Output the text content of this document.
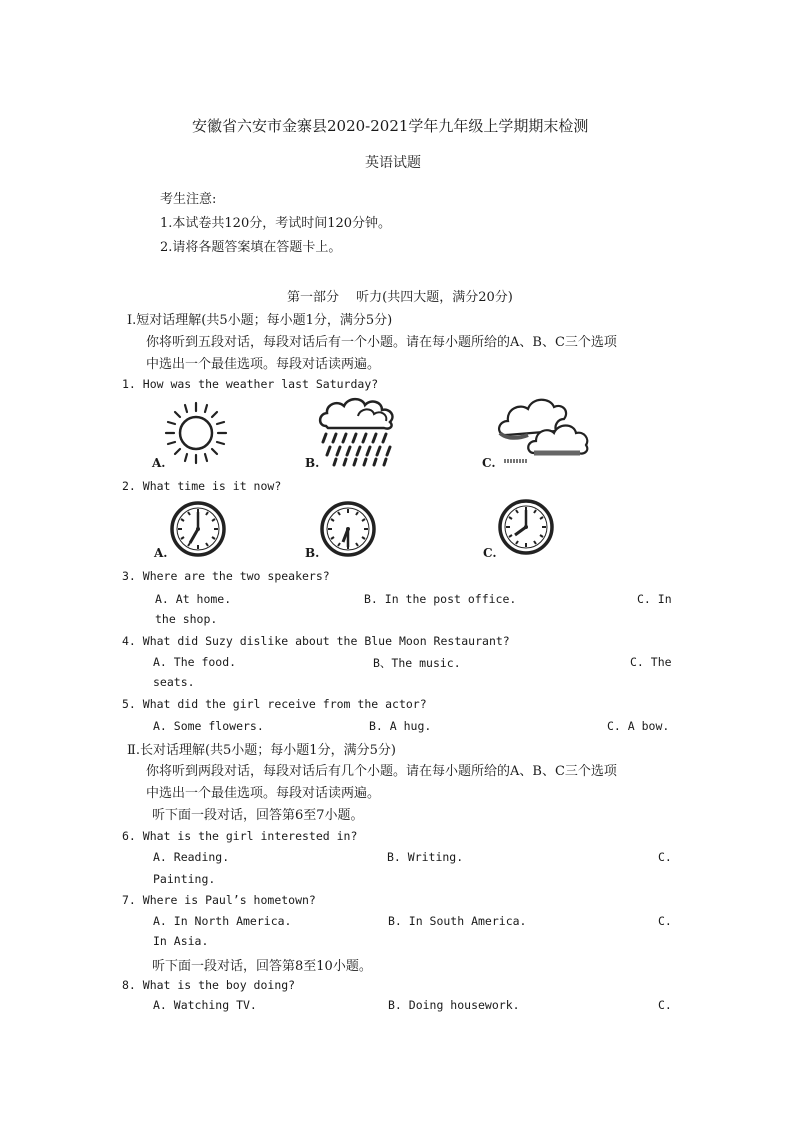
安徽省六安市金寨县2020-2021学年九年级上学期期末检测
英语试题
考生注意:
1.本试卷共120分，考试时间120分钟。
2.请将各题答案填在答题卡上。
第一部分　 听力(共四大题，满分20分)
Ⅰ.短对话理解(共5小题；每小题1分，满分5分)
你将听到五段对话，每段对话后有一个小题。请在每小题所给的A、B、C三个选项
中选出一个最佳选项。每段对话读两遍。
1. How was the weather last Saturday?
A.	B.	C.
2. What time is it now?
A.	B.	C.
3. Where are the two speakers?
A. At home.	B. In the post office.	C. In
the shop.
4. What did Suzy dislike about the Blue Moon Restaurant?
A. The food.	B、The music.	C. The
seats.
5. What did the girl receive from the actor?
A. Some flowers.	B. A hug.	C. A bow.
Ⅱ.长对话理解(共5小题；每小题1分，满分5分)
你将听到两段对话，每段对话后有几个小题。请在每小题所给的A、B、C三个选项
中选出一个最佳选项。每段对话读两遍。
听下面一段对话，回答第6至7小题。
6. What is the girl interested in?
A. Reading.	B. Writing.	C.
Painting.
7. Where is Paul’s hometown?
A. In North America.	B. In South America.	C.
In Asia.
听下面一段对话，回答第8至10小题。
8. What is the boy doing?
A. Watching TV.	B. Doing housework.	C.
